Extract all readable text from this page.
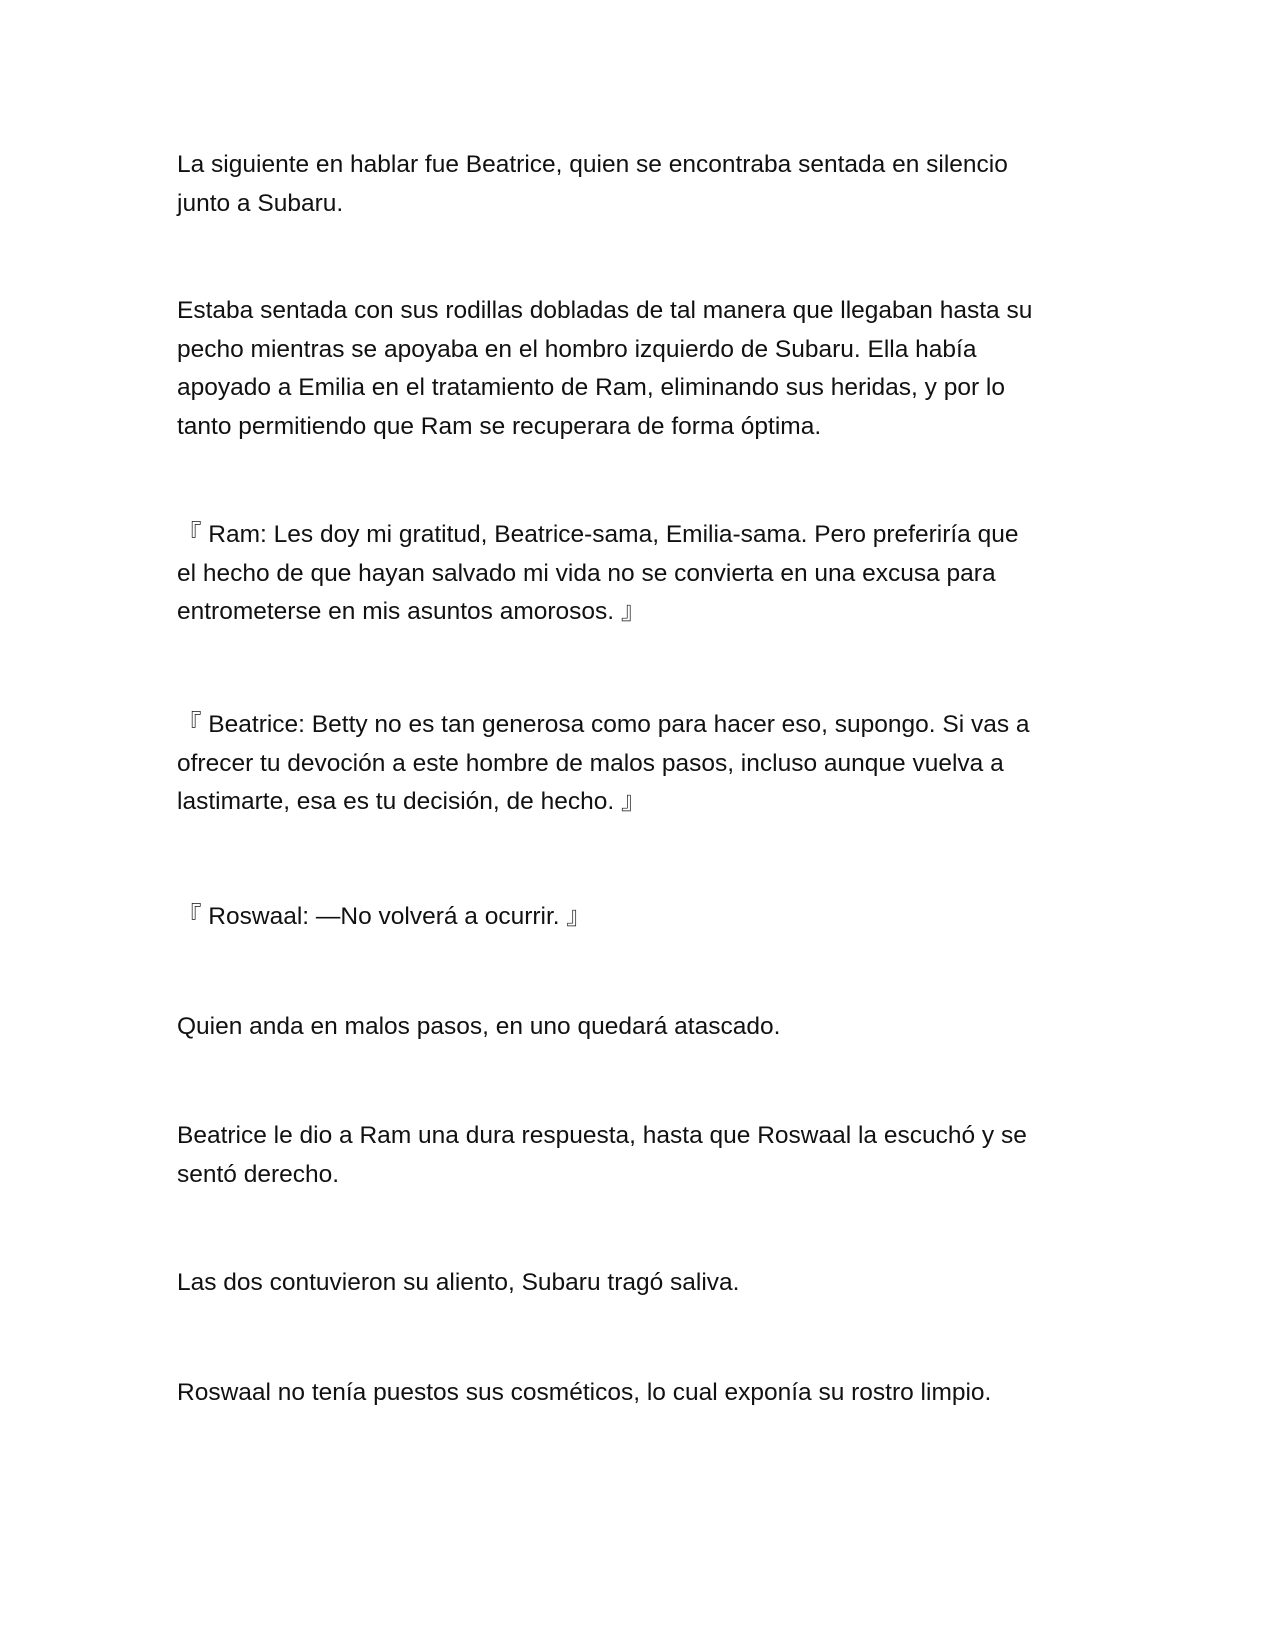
La siguiente en hablar fue Beatrice, quien se encontraba sentada en silencio
junto a Subaru.

Estaba sentada con sus rodillas dobladas de tal manera que llegaban hasta su
pecho mientras se apoyaba en el hombro izquierdo de Subaru. Ella había
apoyado a Emilia en el tratamiento de Ram, eliminando sus heridas, y por lo
tanto permitiendo que Ram se recuperara de forma óptima.

『 Ram: Les doy mi gratitud, Beatrice-sama, Emilia-sama. Pero preferiría que
el hecho de que hayan salvado mi vida no se convierta en una excusa para
entrometerse en mis asuntos amorosos. 』

『 Beatrice: Betty no es tan generosa como para hacer eso, supongo. Si vas a
ofrecer tu devoción a este hombre de malos pasos, incluso aunque vuelva a
lastimarte, esa es tu decisión, de hecho. 』

『 Roswaal: —No volverá a ocurrir. 』

Quien anda en malos pasos, en uno quedará atascado.

Beatrice le dio a Ram una dura respuesta, hasta que Roswaal la escuchó y se
sentó derecho.

Las dos contuvieron su aliento, Subaru tragó saliva.

Roswaal no tenía puestos sus cosméticos, lo cual exponía su rostro limpio.
